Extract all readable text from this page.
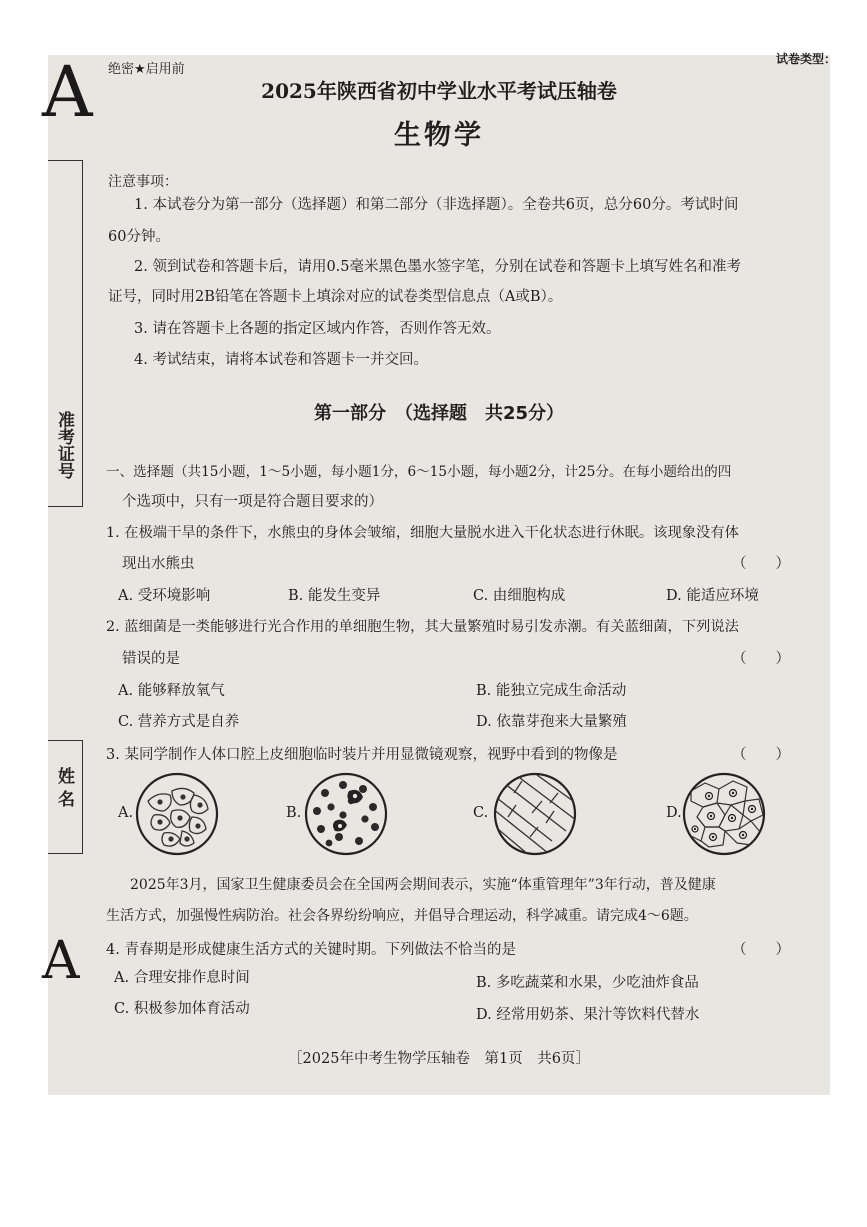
A
A
准考证号
姓 名
绝密★启用前
试卷类型：
2025年陕西省初中学业水平考试压轴卷
生物学
注意事项：
1. 本试卷分为第一部分（选择题）和第二部分（非选择题）。全卷共6页，总分60分。考试时间
60分钟。
2. 领到试卷和答题卡后，请用0.5毫米黑色墨水签字笔，分别在试卷和答题卡上填写姓名和准考
证号，同时用2B铅笔在答题卡上填涂对应的试卷类型信息点（A或B）。
3. 请在答题卡上各题的指定区域内作答，否则作答无效。
4. 考试结束，请将本试卷和答题卡一并交回。
第一部分　（选择题　共25分）
一、选择题（共15小题，1～5小题，每小题1分，6～15小题，每小题2分，计25分。在每小题给出的四
个选项中，只有一项是符合题目要求的）
1. 在极端干旱的条件下，水熊虫的身体会皱缩，细胞大量脱水进入干化状态进行休眠。该现象没有体
现出水熊虫	（　　）
A. 受环境影响	B. 能发生变异	C. 由细胞构成	D. 能适应环境
2. 蓝细菌是一类能够进行光合作用的单细胞生物，其大量繁殖时易引发赤潮。有关蓝细菌，下列说法
错误的是	（　　）
A. 能够释放氧气	B. 能独立完成生命活动
C. 营养方式是自养	D. 依靠芽孢来大量繁殖
3. 某同学制作人体口腔上皮细胞临时装片并用显微镜观察，视野中看到的物像是	（　　）
A.	B.	C.	D.
2025年3月，国家卫生健康委员会在全国两会期间表示，实施“体重管理年”3年行动，普及健康
生活方式，加强慢性病防治。社会各界纷纷响应，并倡导合理运动，科学减重。请完成4～6题。
4. 青春期是形成健康生活方式的关键时期。下列做法不恰当的是	（　　）
A. 合理安排作息时间	B. 多吃蔬菜和水果，少吃油炸食品
C. 积极参加体育活动	D. 经常用奶茶、果汁等饮料代替水
［2025年中考生物学压轴卷　第1页　共6页］
